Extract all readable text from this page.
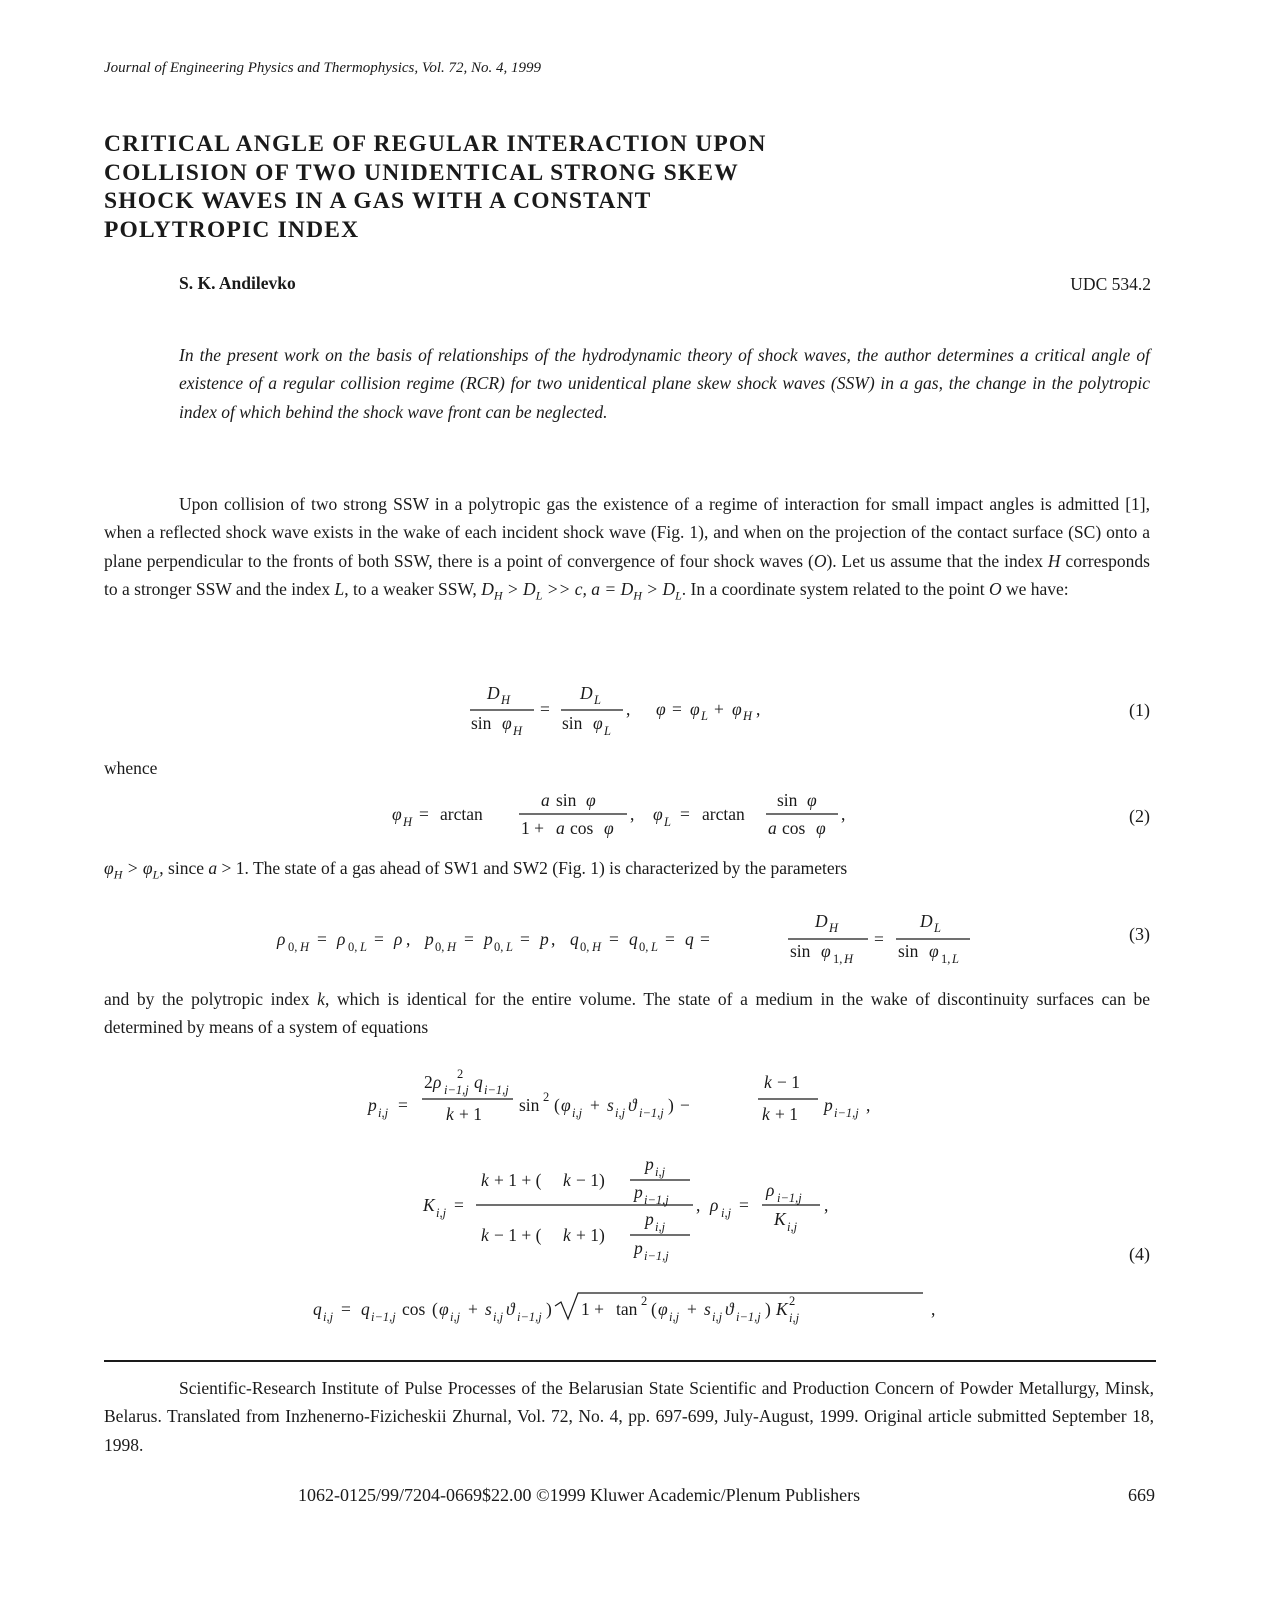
Journal of Engineering Physics and Thermophysics, Vol. 72, No. 4, 1999
CRITICAL ANGLE OF REGULAR INTERACTION UPON
COLLISION OF TWO UNIDENTICAL STRONG SKEW
SHOCK WAVES IN A GAS WITH A CONSTANT
POLYTROPIC INDEX
S. K. Andilevko	UDC 534.2
In the present work on the basis of relationships of the hydrodynamic theory of shock waves, the author determines a critical angle of existence of a regular collision regime (RCR) for two unidentical plane skew shock waves (SSW) in a gas, the change in the polytropic index of which behind the shock wave front can be neglected.
Upon collision of two strong SSW in a polytropic gas the existence of a regime of interaction for small impact angles is admitted [1], when a reflected shock wave exists in the wake of each incident shock wave (Fig. 1), and when on the projection of the contact surface (SC) onto a plane perpendicular to the fronts of both SSW, there is a point of convergence of four shock waves (O). Let us assume that the index H corresponds to a stronger SSW and the index L, to a weaker SSW, $D_H > D_L >> c$, $a = D_H > D_L$. In a coordinate system related to the point O we have:
D H
sin φ H
=
D L
sin φ L
, φ = φ L + φ H ,	(1)
whence
φ H = arctan
a sin φ
1 + a cos φ
, φ L = arctan
sin φ
a cos φ
,	(2)
$\varphi_H > \varphi_L$, since a > 1. The state of a gas ahead of SW1 and SW2 (Fig. 1) is characterized by the parameters
ρ 0, H = ρ 0, L = ρ , p 0, H = p 0, L = p , q 0, H = q 0, L = q =
D H
sin φ 1, H
=
D L
sin φ 1, L
(3)
and by the polytropic index k, which is identical for the entire volume. The state of a medium in the wake of discontinuity surfaces can be determined by means of a system of equations
p i,j =
2
2 ρ i−1,j q i−1,j
k + 1 sin 2 ( φ i,j + s i,j ϑ i−1,j ) −
k − 1
k + 1 p i−1,j ,
K i,j =
k + 1 + ( k − 1)
p i,j
p i−1,j
k − 1 + ( k + 1)
p i,j
p i−1,j
, ρ i,j =
ρ i−1,j
K i,j
,
q i,j = q i−1,j cos ( φ i,j + s i,j ϑ i−1,j ) 1 + tan 2 ( φ i,j + s i,j ϑ i−1,j ) K 2
i,j	,
(4)
Scientific-Research Institute of Pulse Processes of the Belarusian State Scientific and Production Concern of Powder Metallurgy, Minsk, Belarus. Translated from Inzhenerno-Fizicheskii Zhurnal, Vol. 72, No. 4, pp. 697-699, July-August, 1999. Original article submitted September 18, 1998.
1062-0125/99/7204-0669$22.00 ©1999 Kluwer Academic/Plenum Publishers	669
